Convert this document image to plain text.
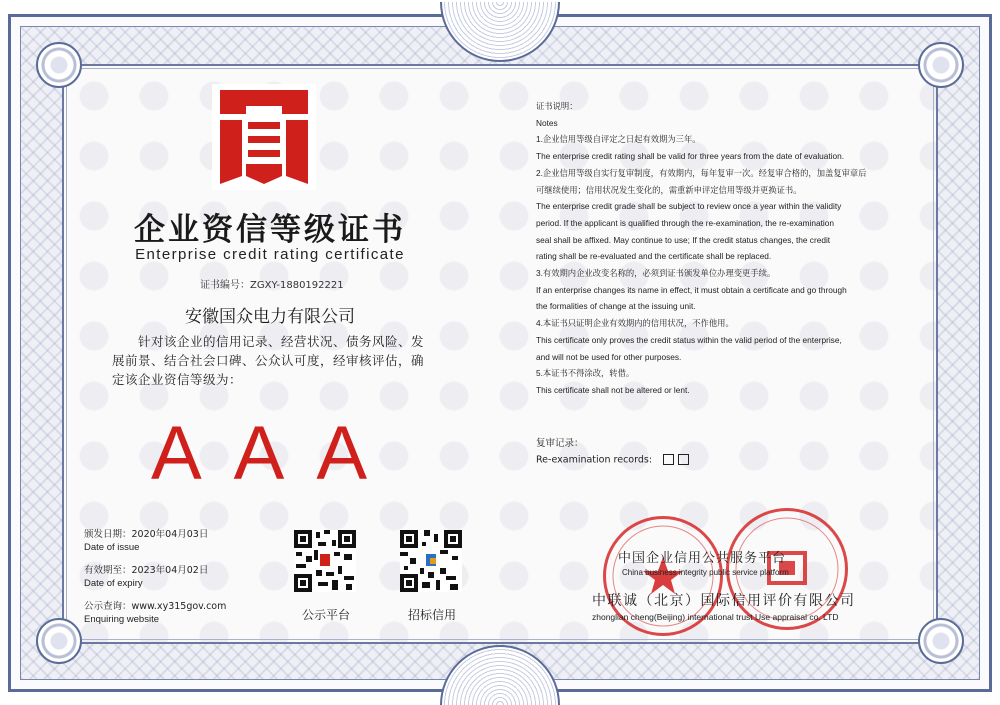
企业资信等级证书
Enterprise credit rating certificate
证书编号：ZGXY-1880192221
安徽国众电力有限公司
针对该企业的信用记录、经营状况、债务风险、发展前景、结合社会口碑、公众认可度，经审核评估，确定该企业资信等级为：
AAA
颁发日期：2020年04月03日
Date of issue
有效期至：2023年04月02日
Date of expiry
公示查询：www.xy315gov.com
Enquiring website	公示平台	招标信用
证书说明：
Notes
1.企业信用等级自评定之日起有效期为三年。
The enterprise credit rating shall be valid for three years from the date of evaluation.
2.企业信用等级自实行复审制度，有效期内，每年复审一次。经复审合格的，加盖复审章后
可继续使用；信用状况发生变化的，需重新申评定信用等级并更换证书。
The enterprise credit grade shall be subject to review once a year within the validity
period. If the applicant is qualified through the re-examination, the re-examination
seal shall be affixed. May continue to use; If the credit status changes, the credit
rating shall be re-evaluated and the certificate shall be replaced.
3.有效期内企业改变名称的，必须到证书颁发单位办理变更手续。
If an enterprise changes its name in effect, it must obtain a certificate and go through
the formalities of change at the issuing unit.
4.本证书只证明企业有效期内的信用状况，不作他用。
This certificate only proves the credit status within the valid period of the enterprise,
and will not be used for other purposes.
5.本证书不得涂改，转借。
This certificate shall not be altered or lent.
复审记录：
Re-examination records:
中国企业信用公共服务平台
China business integrity public service platform
中联诚（北京）国际信用评价有限公司
zhonglian cheng(Beijing) international trust Use appraisal co. LTD
